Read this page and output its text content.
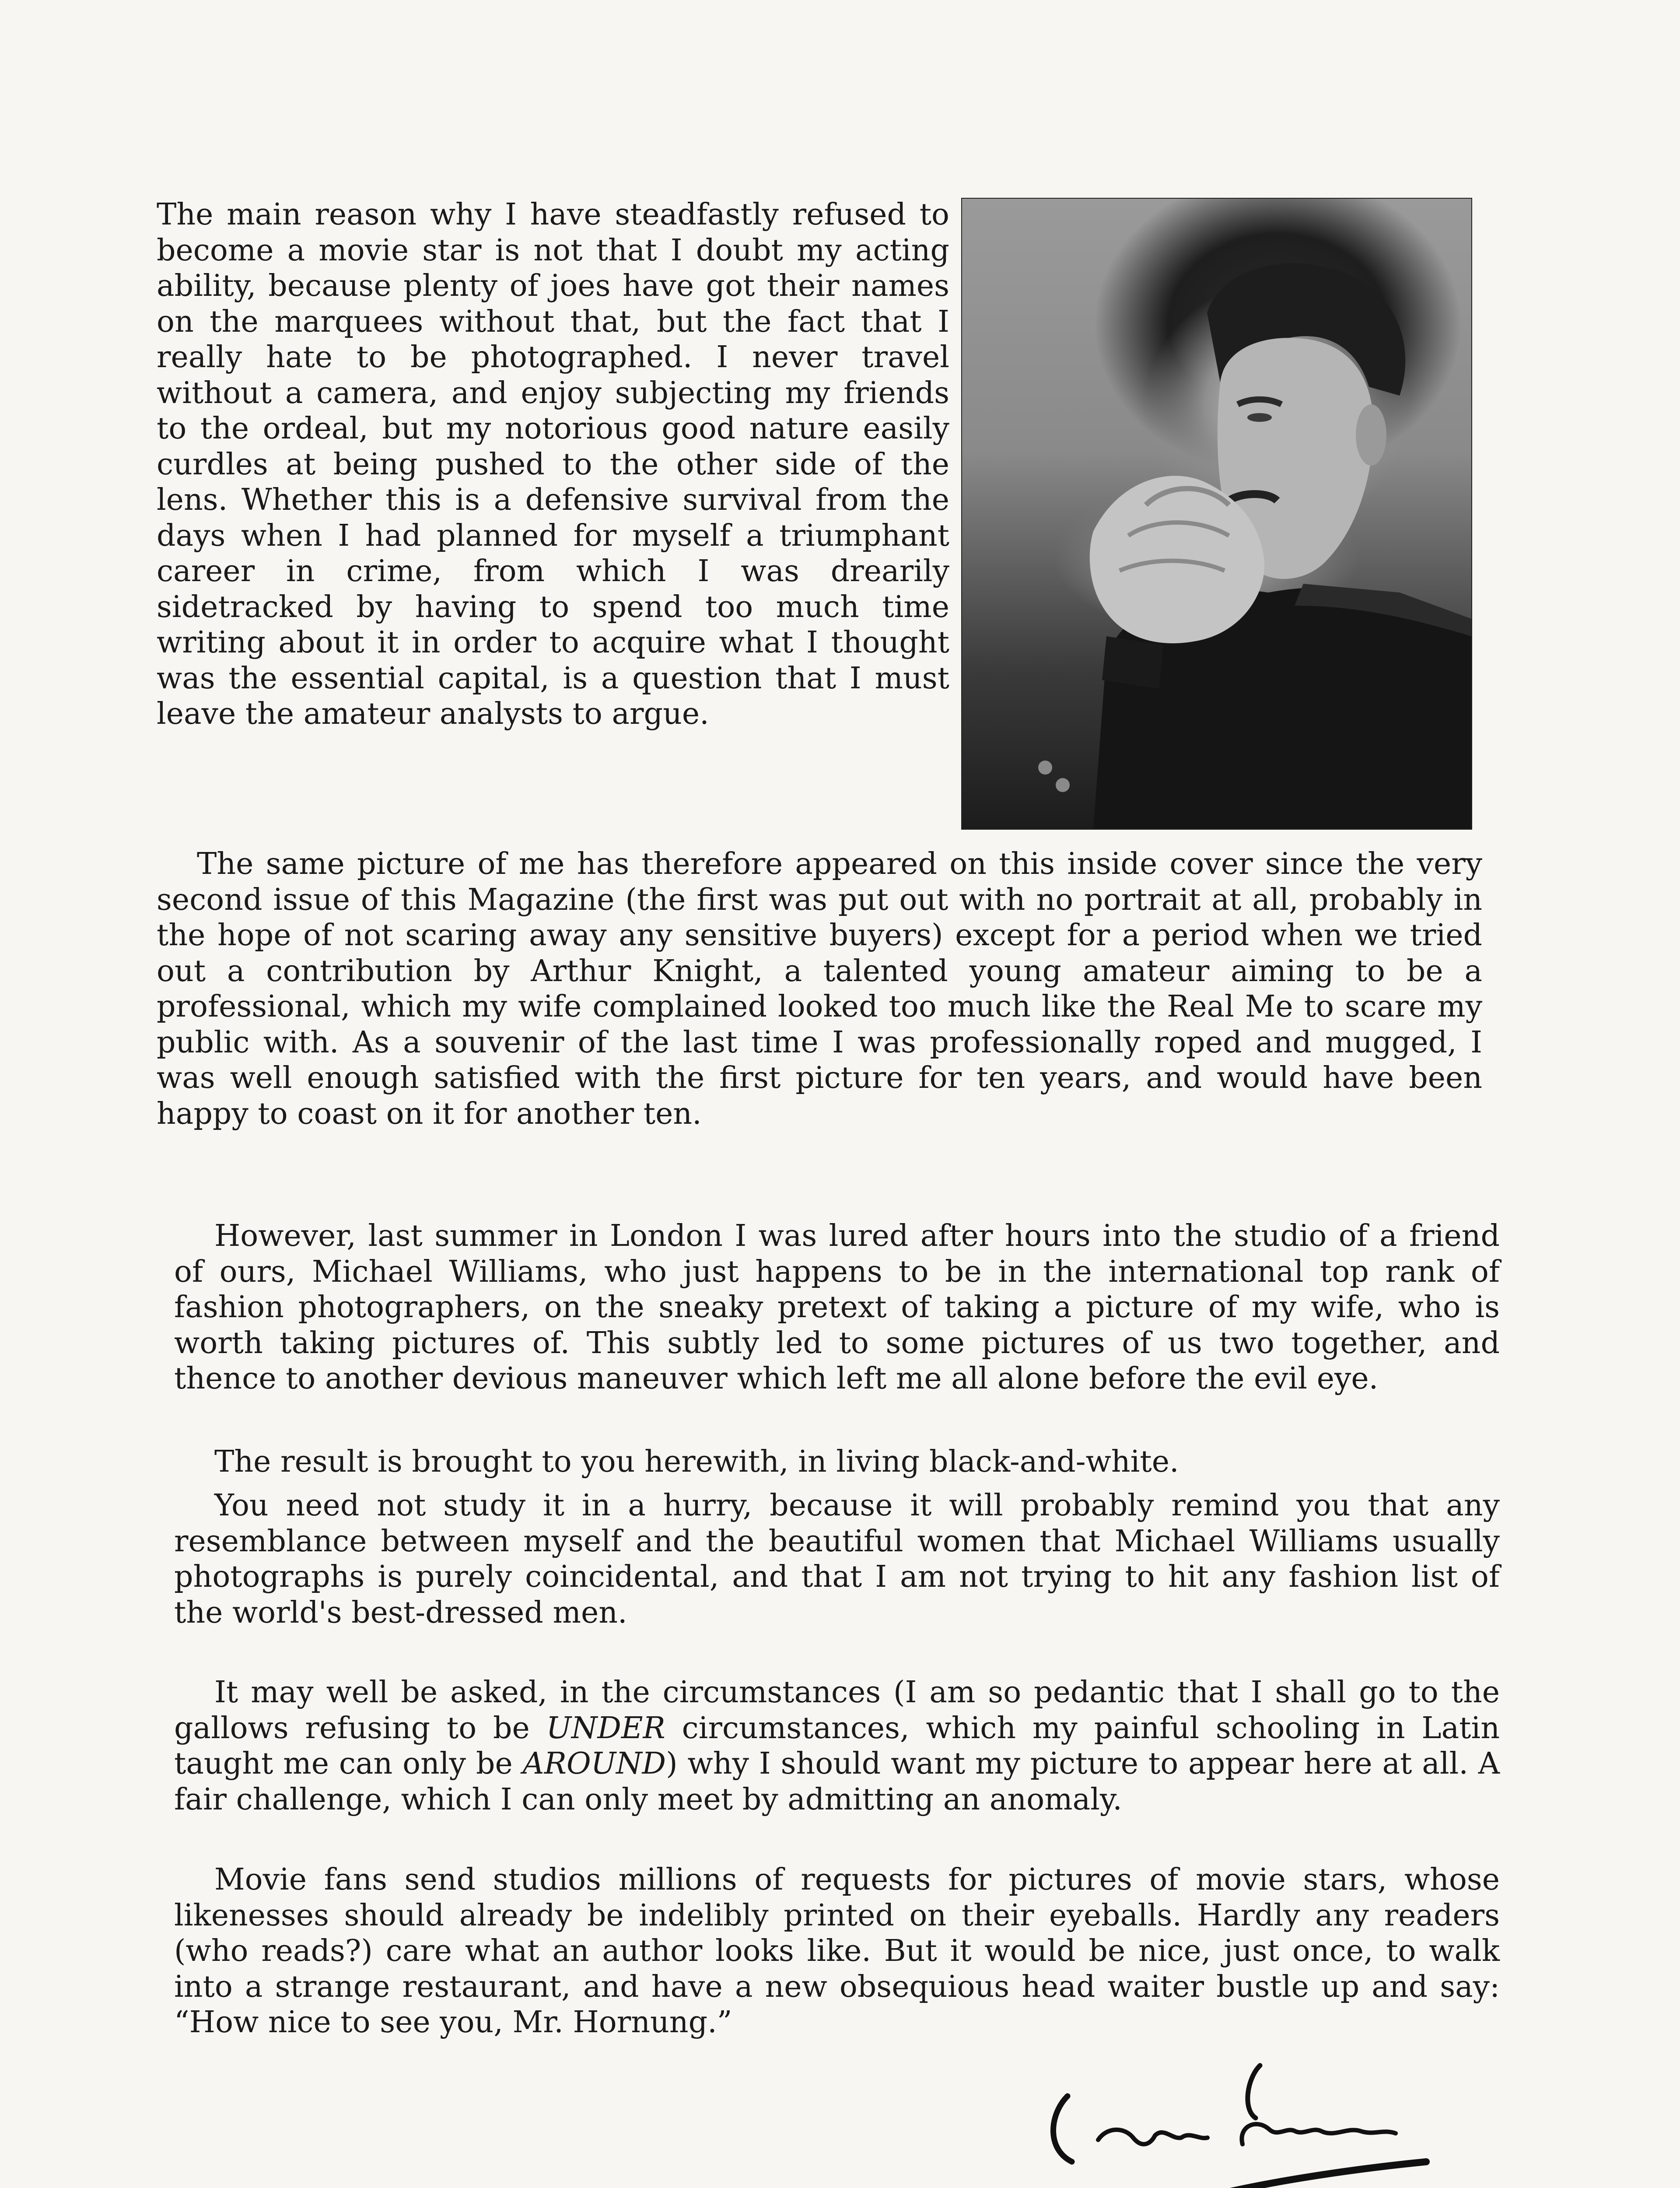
The main reason why I have steadfastly refused to become a movie star is not that I doubt my acting ability, because plenty of joes have got their names on the marquees without that, but the fact that I really hate to be photographed. I never travel without a camera, and enjoy subjecting my friends to the ordeal, but my notorious good nature easily curdles at being pushed to the other side of the lens. Whether this is a defensive survival from the days when I had planned for myself a triumphant career in crime, from which I was drearily sidetracked by having to spend too much time writing about it in order to acquire what I thought was the essential capital, is a question that I must leave the amateur analysts to argue.

The same picture of me has therefore appeared on this inside cover since the very second issue of this Magazine (the first was put out with no portrait at all, probably in the hope of not scaring away any sensitive buyers) except for a period when we tried out a contribution by Arthur Knight, a talented young amateur aiming to be a professional, which my wife complained looked too much like the Real Me to scare my public with. As a souvenir of the last time I was professionally roped and mugged, I was well enough satisfied with the first picture for ten years, and would have been happy to coast on it for another ten.

However, last summer in London I was lured after hours into the studio of a friend of ours, Michael Williams, who just happens to be in the international top rank of fashion photographers, on the sneaky pretext of taking a picture of my wife, who is worth taking pictures of. This subtly led to some pictures of us two together, and thence to another devious maneuver which left me all alone before the evil eye.

The result is brought to you herewith, in living black-and-white.

You need not study it in a hurry, because it will probably remind you that any resemblance between myself and the beautiful women that Michael Williams usually photographs is purely coincidental, and that I am not trying to hit any fashion list of the world's best-dressed men.

It may well be asked, in the circumstances (I am so pedantic that I shall go to the gallows refusing to be UNDER circumstances, which my painful schooling in Latin taught me can only be AROUND) why I should want my picture to appear here at all. A fair challenge, which I can only meet by admitting an anomaly.

Movie fans send studios millions of requests for pictures of movie stars, whose likenesses should already be indelibly printed on their eyeballs. Hardly any readers (who reads?) care what an author looks like. But it would be nice, just once, to walk into a strange restaurant, and have a new obsequious head waiter bustle up and say: “How nice to see you, Mr. Hornung.”
